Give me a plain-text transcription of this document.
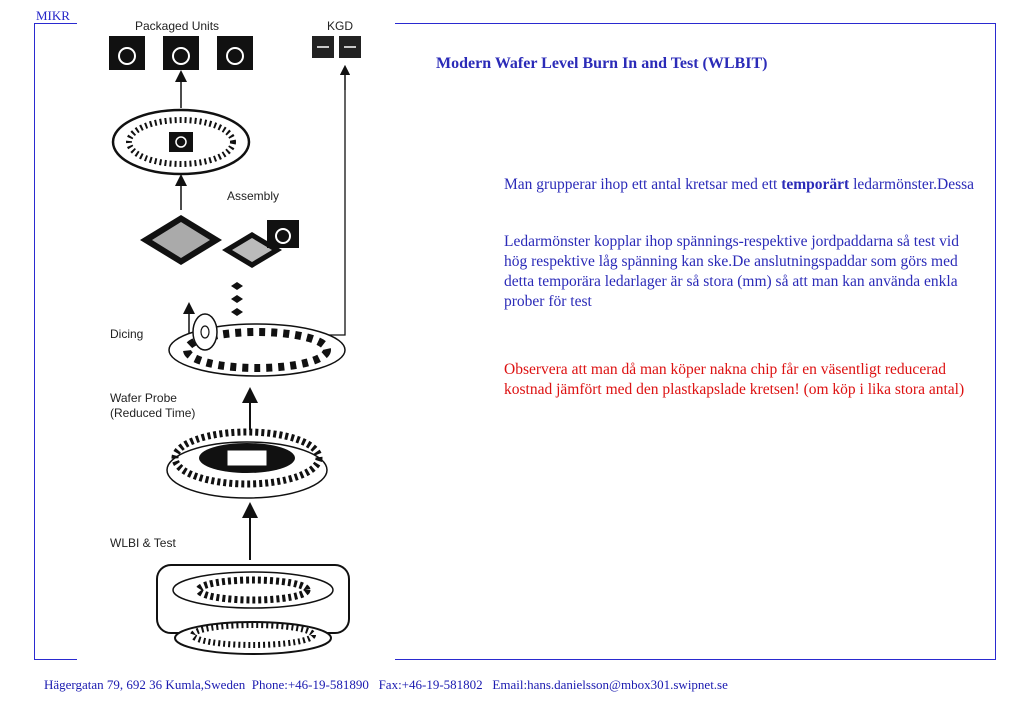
MIKR
Packaged Units	KGD
Assembly
Dicing
Wafer Probe
(Reduced Time)
WLBI & Test
Modern Wafer Level Burn In and Test (WLBIT)
Man grupperar ihop ett antal kretsar med ett temporärt ledarmönster.Dessa
Ledarmönster kopplar ihop spännings-respektive jordpaddarna så test vid hög respektive låg spänning kan ske.De anslutningspaddar som görs med detta temporära ledarlager är så stora (mm) så att man kan använda enkla prober för test
Observera att man då man köper nakna chip får en väsentligt reducerad kostnad jämfört med den plastkapslade kretsen! (om köp i lika stora antal)
Hägergatan 79, 692 36 Kumla,Sweden  Phone:+46-19-581890   Fax:+46-19-581802   Email:hans.danielsson@mbox301.swipnet.se
